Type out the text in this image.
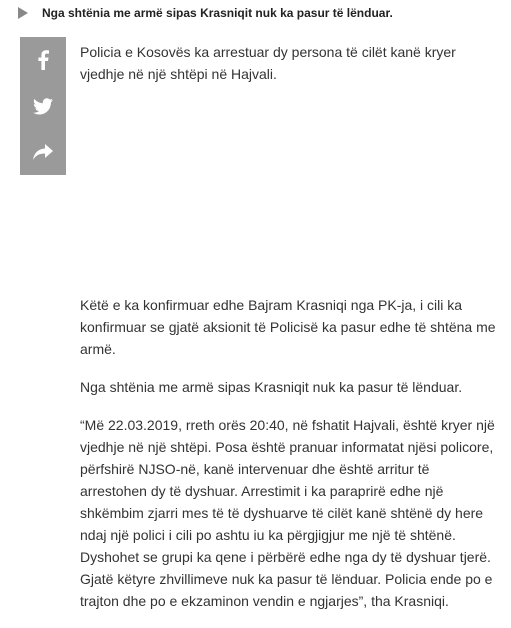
Nga shtënia me armë sipas Krasniqit nuk ka pasur të lënduar.

Policia e Kosovës ka arrestuar dy persona të cilët kanë kryer vjedhje në një shtëpi në Hajvali.

Këtë e ka konfirmuar edhe Bajram Krasniqi nga PK-ja, i cili ka konfirmuar se gjatë aksionit të Policisë ka pasur edhe të shtëna me armë.

Nga shtënia me armë sipas Krasniqit nuk ka pasur të lënduar.

“Më 22.03.2019, rreth orës 20:40, në fshatit Hajvali, është kryer një vjedhje në një shtëpi. Posa është pranuar informatat njësi policore, përfshirë NJSO-në, kanë intervenuar dhe është arritur të arrestohen dy të dyshuar. Arrestimit i ka paraprirë edhe një shkëmbim zjarri mes të të dyshuarve të cilët kanë shtënë dy here ndaj një polici i cili po ashtu iu ka përgjigjur me një të shtënë. Dyshohet se grupi ka qene i përbërë edhe nga dy të dyshuar tjerë. Gjatë këtyre zhvillimeve nuk ka pasur të lënduar. Policia ende po e trajton dhe po e ekzaminon vendin e ngjarjes”, tha Krasniqi.
